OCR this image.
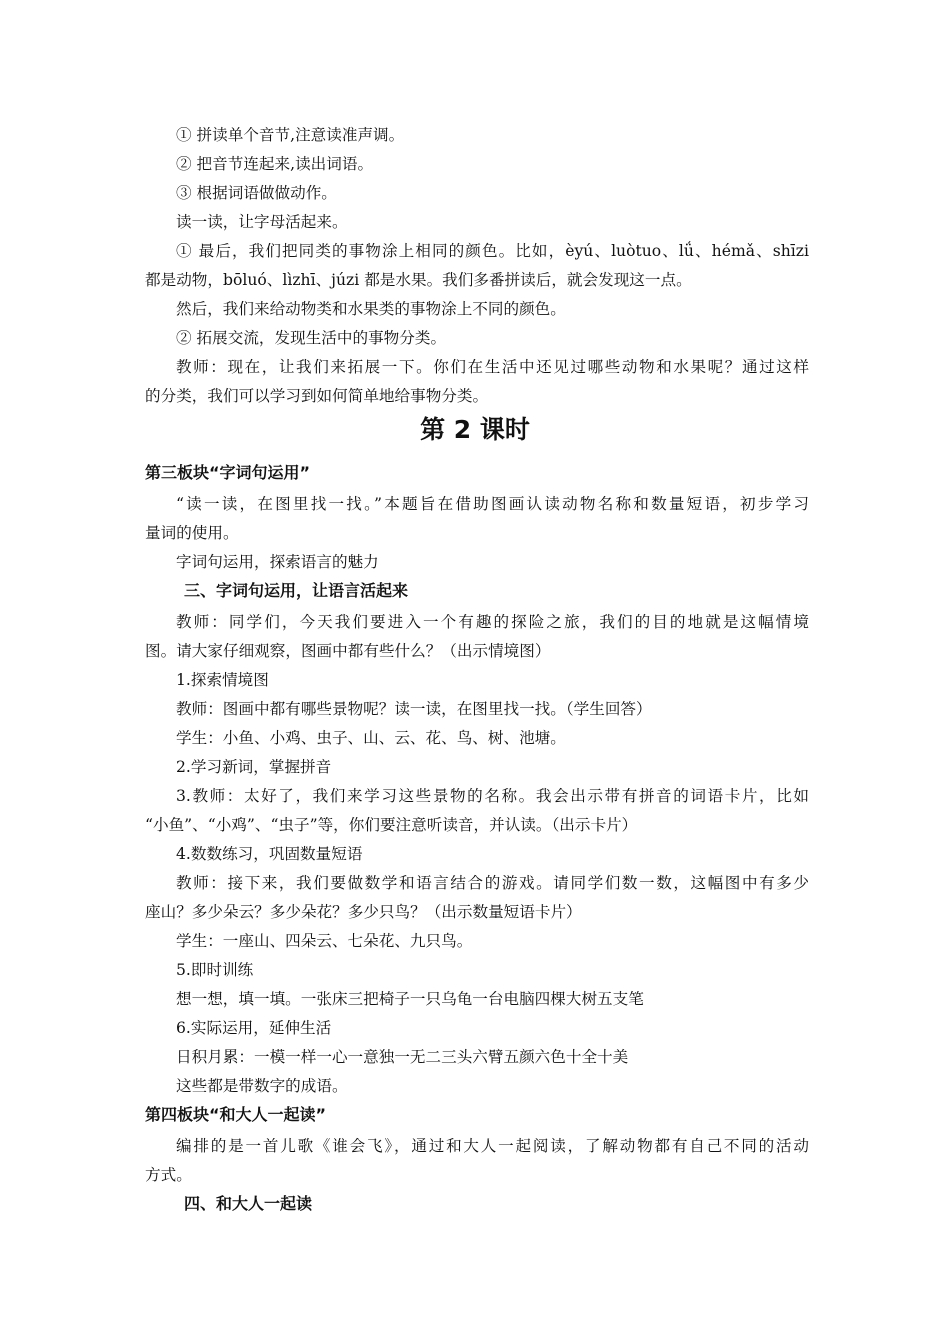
① 拼读单个音节,注意读准声调。
② 把音节连起来,读出词语。
③ 根据词语做做动作。
读一读，让字母活起来。
① 最后，我们把同类的事物涂上相同的颜色。比如，èyú、luòtuo、lǘ、hémǎ、shīzi
都是动物，bōluó、lìzhī、júzi 都是水果。我们多番拼读后，就会发现这一点。
然后，我们来给动物类和水果类的事物涂上不同的颜色。
② 拓展交流，发现生活中的事物分类。
教师：现在，让我们来拓展一下。你们在生活中还见过哪些动物和水果呢？通过这样
的分类，我们可以学习到如何简单地给事物分类。
第 2 课时
第三板块“字词句运用”
“读一读，在图里找一找。”本题旨在借助图画认读动物名称和数量短语，初步学习
量词的使用。
字词句运用，探索语言的魅力
三、字词句运用，让语言活起来
教师：同学们，今天我们要进入一个有趣的探险之旅，我们的目的地就是这幅情境
图。请大家仔细观察，图画中都有些什么？（出示情境图）
1.探索情境图
教师：图画中都有哪些景物呢？读一读，在图里找一找。（学生回答）
学生：小鱼、小鸡、虫子、山、云、花、鸟、树、池塘。
2.学习新词，掌握拼音
3.教师：太好了，我们来学习这些景物的名称。我会出示带有拼音的词语卡片，比如
“小鱼”、“小鸡”、“虫子”等，你们要注意听读音，并认读。（出示卡片）
4.数数练习，巩固数量短语
教师：接下来，我们要做数学和语言结合的游戏。请同学们数一数，这幅图中有多少
座山？多少朵云？多少朵花？多少只鸟？（出示数量短语卡片）
学生：一座山、四朵云、七朵花、九只鸟。
5.即时训练
想一想，填一填。一张床三把椅子一只乌龟一台电脑四棵大树五支笔
6.实际运用，延伸生活
日积月累：一模一样一心一意独一无二三头六臂五颜六色十全十美
这些都是带数字的成语。
第四板块“和大人一起读”
编排的是一首儿歌《谁会飞》，通过和大人一起阅读，了解动物都有自己不同的活动
方式。
四、和大人一起读
